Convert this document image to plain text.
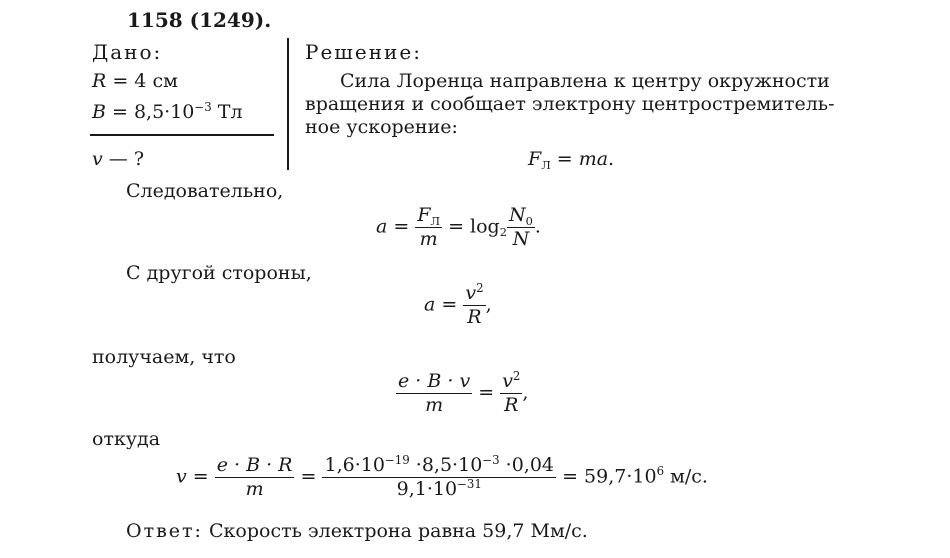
1158 (1249).
Дано:
R = 4 см
$B = 8,5\cdot 10^{-3}$ Тл
v — ?
Решение:
Сила Лоренца направлена к центру окружности
вращения и сообщает электрону центростремитель-
ное ускорение:
$F_Л$ = ma.
Следовательно,
$a = \frac{F_Л}{m} = \log_2 \frac{N_0}{N}$ .
С другой стороны,
$a = \frac{v^2}{R}$ ,
получаем, что
$\frac{e \cdot B \cdot v}{m} = \frac{v^2}{R}$ ,
откуда
$v = \frac{e \cdot B \cdot R}{m} = \frac{1,6\cdot 10^{-19} \cdot 8,5\cdot 10^{-3} \cdot 0,04}{9,1\cdot 10^{-31}} = 59,7\cdot 10^6$ м/с.
Ответ: Скорость электрона равна 59,7 Мм/с.
